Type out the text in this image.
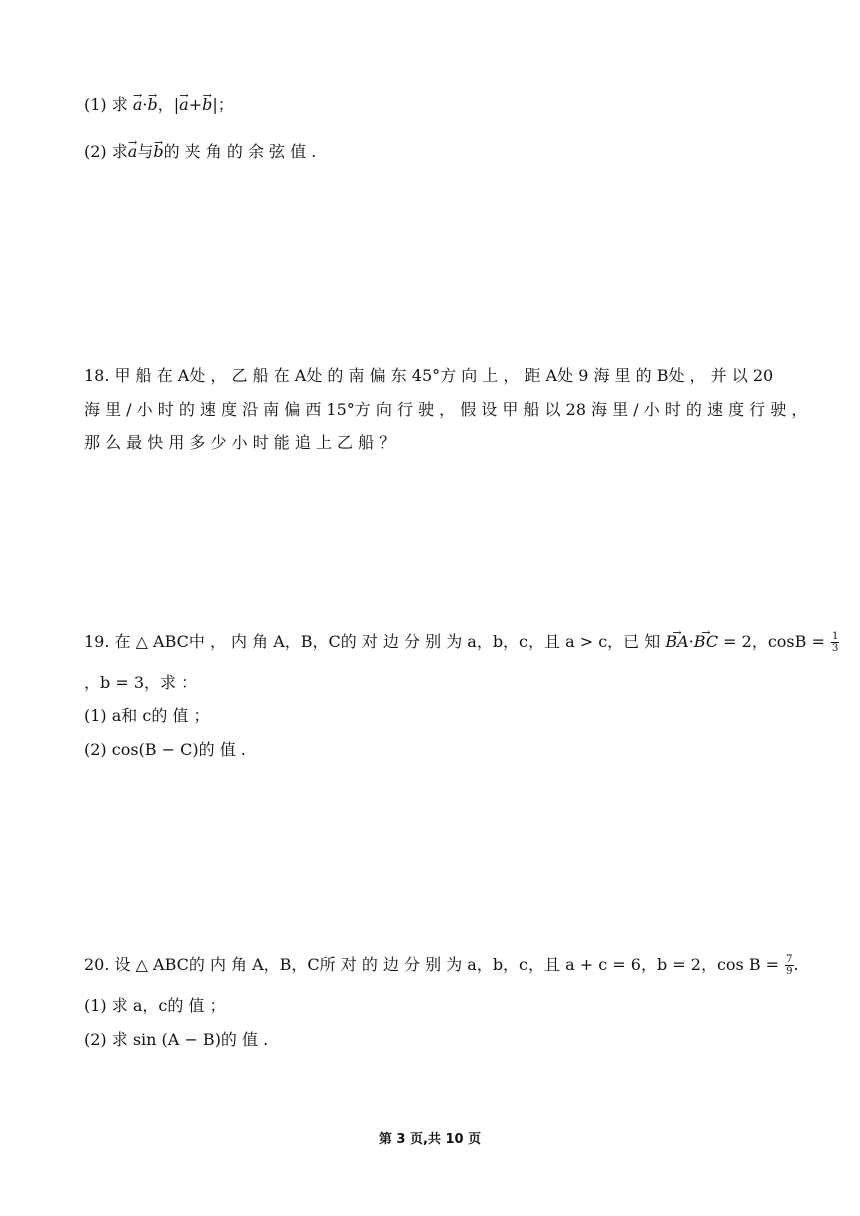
(1) 求 → a·→ b，|→ a+→ b|；
(2) 求→ a与→ b的 夹 角 的 余 弦 值 .
18. 甲 船 在 A处 ， 乙 船 在 A处 的 南 偏 东 45°方 向 上 ， 距 A处 9 海 里 的 B处 ， 并 以 20
海 里 / 小 时 的 速 度 沿 南 偏 西 15°方 向 行 驶 ， 假 设 甲 船 以 28 海 里 / 小 时 的 速 度 行 驶 ，
那 么 最 快 用 多 少 小 时 能 追 上 乙 船 ？
19. 在 △ ABC中 ， 内 角 A，B，C的 对 边 分 别 为 a，b，c，且 a > c，已 知 → BA·→ BC = 2，$\cos B = \frac{1}{3}$
，b = 3，求 ：
(1) a和 c的 值 ；
(2) cos(B − C)的 值 .
20. 设 △ ABC的 内 角 A，B，C所 对 的 边 分 别 为 a，b，c，且 a + c = 6，b = 2，$\cos B = \frac{7}{9}$ .
(1) 求 a，c的 值 ；
(2) 求 sin (A − B)的 值 .
第 3 页,共 10 页
